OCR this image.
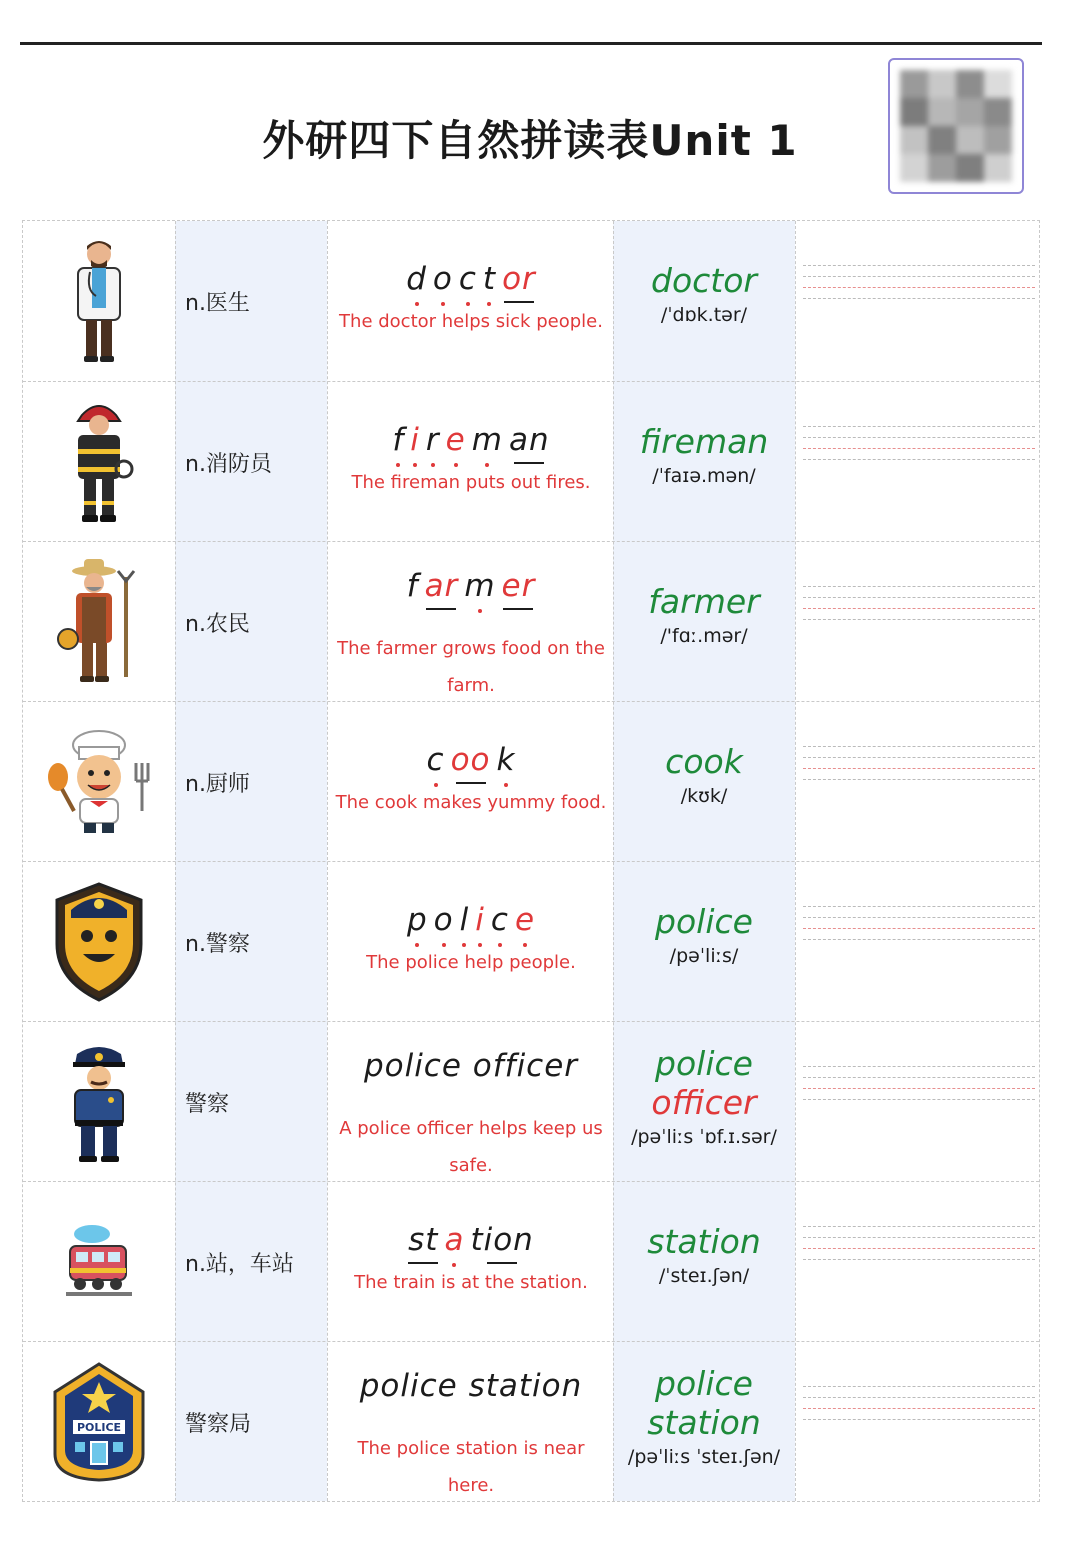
外研四下自然拼读表Unit 1
n.医生
d o c t or
The doctor helps sick people.
doctor
/ˈdɒk.tər/
n.消防员
f i r e m an
The fireman puts out fires.
fireman
/ˈfaɪə.mən/
n.农民
f ar m er
The farmer grows food on the farm.
farmer
/'fɑː.mər/
n.厨师
c oo k
The cook makes yummy food.
cook
/kʊk/
n.警察
p o l i c e
The police help people.
police
/pəˈliːs/
警察
police officer
A police officer helps keep us safe.
police
officer
/pəˈliːs ˈɒf.ɪ.sər/
n.站，车站
st a tion
The train is at the station.
station
/ˈsteɪ.ʃən/
POLICE	警察局
police station
The police station is near here.
police
station
/pəˈliːs ˈsteɪ.ʃən/
